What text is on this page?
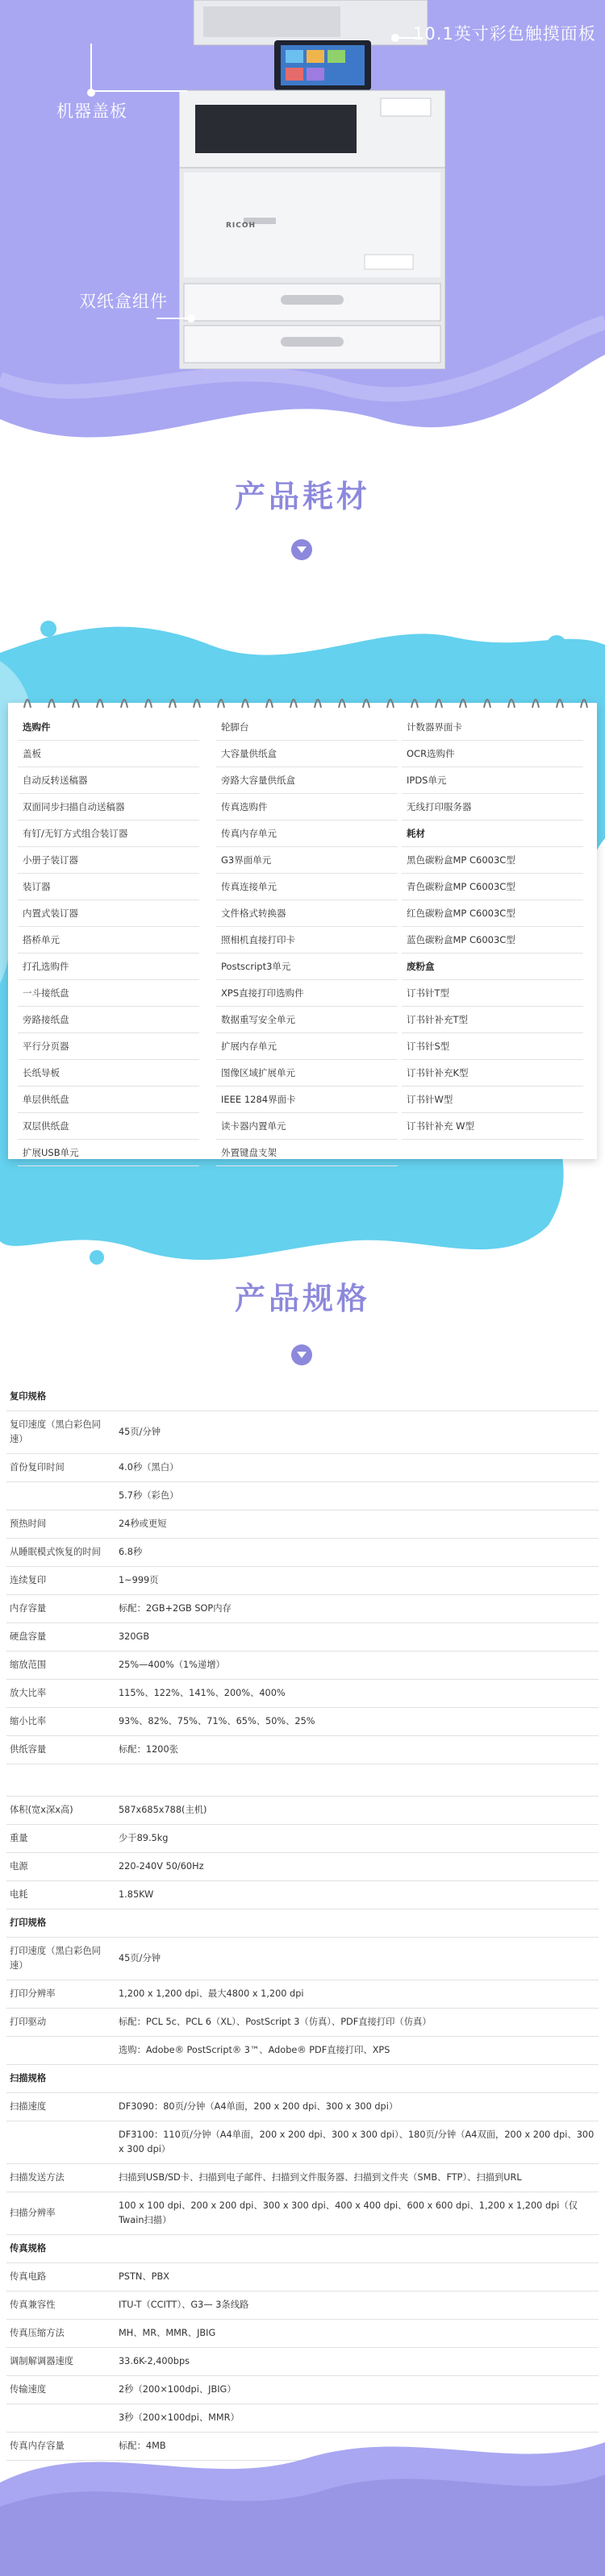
RICOH
10.1英寸彩色触摸面板
机器盖板
双纸盒组件
产品耗材
选购件
盖板
自动反转送稿器
双面同步扫描自动送稿器
有钉/无钉方式组合装订器
小册子装订器
装订器
内置式装订器
搭桥单元
打孔选购件
一斗接纸盘
旁路接纸盘
平行分页器
长纸导板
单层供纸盘
双层供纸盘
扩展USB单元
轮脚台
大容量供纸盒
旁路大容量供纸盒
传真选购件
传真内存单元
G3界面单元
传真连接单元
文件格式转换器
照相机直接打印卡
Postscript3单元
XPS直接打印选购件
数据重写安全单元
扩展内存单元
图像区域扩展单元
IEEE 1284界面卡
读卡器内置单元
外置键盘支架
计数器界面卡
OCR选购件
IPDS单元
无线打印服务器
耗材
黑色碳粉盒MP C6003C型
青色碳粉盒MP C6003C型
红色碳粉盒MP C6003C型
蓝色碳粉盒MP C6003C型
废粉盒
订书针T型
订书针补充T型
订书针S型
订书针补充K型
订书针W型
订书针补充 W型
产品规格
复印规格	
复印速度（黑白彩色同速）	45页/分钟
首份复印时间	4.0秒（黑白）
	5.7秒（彩色）
预热时间	24秒或更短
从睡眠模式恢复的时间	6.8秒
连续复印	1~999页
内存容量	标配：2GB+2GB SOP内存
硬盘容量	320GB
缩放范围	25%—400%（1%递增）
放大比率	115%、122%、141%、200%、400%
缩小比率	93%、82%、75%、71%、65%、50%、25%
供纸容量	标配：1200张

体积(宽x深x高)	587x685x788(主机)
重量	少于89.5kg
电源	220-240V 50/60Hz
电耗	1.85KW
打印规格	
打印速度（黑白彩色同速）	45页/分钟
打印分辨率	1,200 x 1,200 dpi、最大4800 x 1,200 dpi
打印驱动	标配：PCL 5c、PCL 6（XL）、PostScript 3（仿真）、PDF直接打印（仿真）
	选购：Adobe® PostScript® 3™、Adobe® PDF直接打印、XPS
扫描规格	
扫描速度	DF3090：80页/分钟（A4单面，200 x 200 dpi、300 x 300 dpi）
	DF3100：110页/分钟（A4单面，200 x 200 dpi、300 x 300 dpi）、180页/分钟（A4双面，200 x 200 dpi、300 x 300 dpi）
扫描发送方法	扫描到USB/SD卡、扫描到电子邮件、扫描到文件服务器、扫描到文件夹（SMB、FTP）、扫描到URL
扫描分辨率	100 x 100 dpi、200 x 200 dpi、300 x 300 dpi、400 x 400 dpi、600 x 600 dpi、1,200 x 1,200 dpi（仅Twain扫描）
传真规格	
传真电路	PSTN、PBX
传真兼容性	ITU-T（CCITT）、G3— 3条线路
传真压缩方法	MH、MR、MMR、JBIG
调制解调器速度	33.6K-2,400bps
传输速度	2秒（200×100dpi、JBIG）
	3秒（200×100dpi、MMR）
传真内存容量	标配：4MB
